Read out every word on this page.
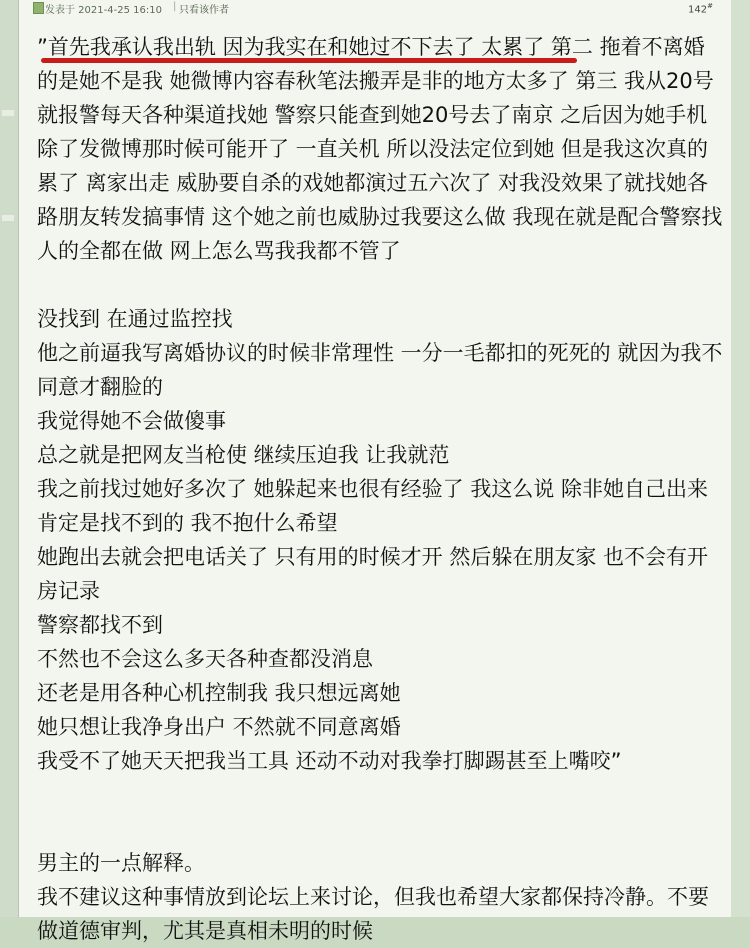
发表于 2021-4-25 16:10 | 只看该作者	142#

”首先我承认我出轨 因为我实在和她过不下去了 太累了 第二 拖着不离婚的是她不是我 她微博内容春秋笔法搬弄是非的地方太多了 第三 我从20号就报警每天各种渠道找她 警察只能查到她20号去了南京 之后因为她手机除了发微博那时候可能开了 一直关机 所以没法定位到她 但是我这次真的累了 离家出走 威胁要自杀的戏她都演过五六次了 对我没效果了就找她各路朋友转发搞事情 这个她之前也威胁过我要这么做 我现在就是配合警察找人的全都在做 网上怎么骂我我都不管了

没找到 在通过监控找

他之前逼我写离婚协议的时候非常理性 一分一毛都扣的死死的 就因为我不同意才翻脸的

我觉得她不会做傻事

总之就是把网友当枪使 继续压迫我 让我就范

我之前找过她好多次了 她躲起来也很有经验了 我这么说 除非她自己出来 肯定是找不到的 我不抱什么希望

她跑出去就会把电话关了 只有用的时候才开 然后躲在朋友家 也不会有开房记录

警察都找不到

不然也不会这么多天各种查都没消息

还老是用各种心机控制我 我只想远离她

她只想让我净身出户 不然就不同意离婚

我受不了她天天把我当工具 还动不动对我拳打脚踢甚至上嘴咬”

男主的一点解释。

我不建议这种事情放到论坛上来讨论，但我也希望大家都保持冷静。不要做道德审判，尤其是真相未明的时候
